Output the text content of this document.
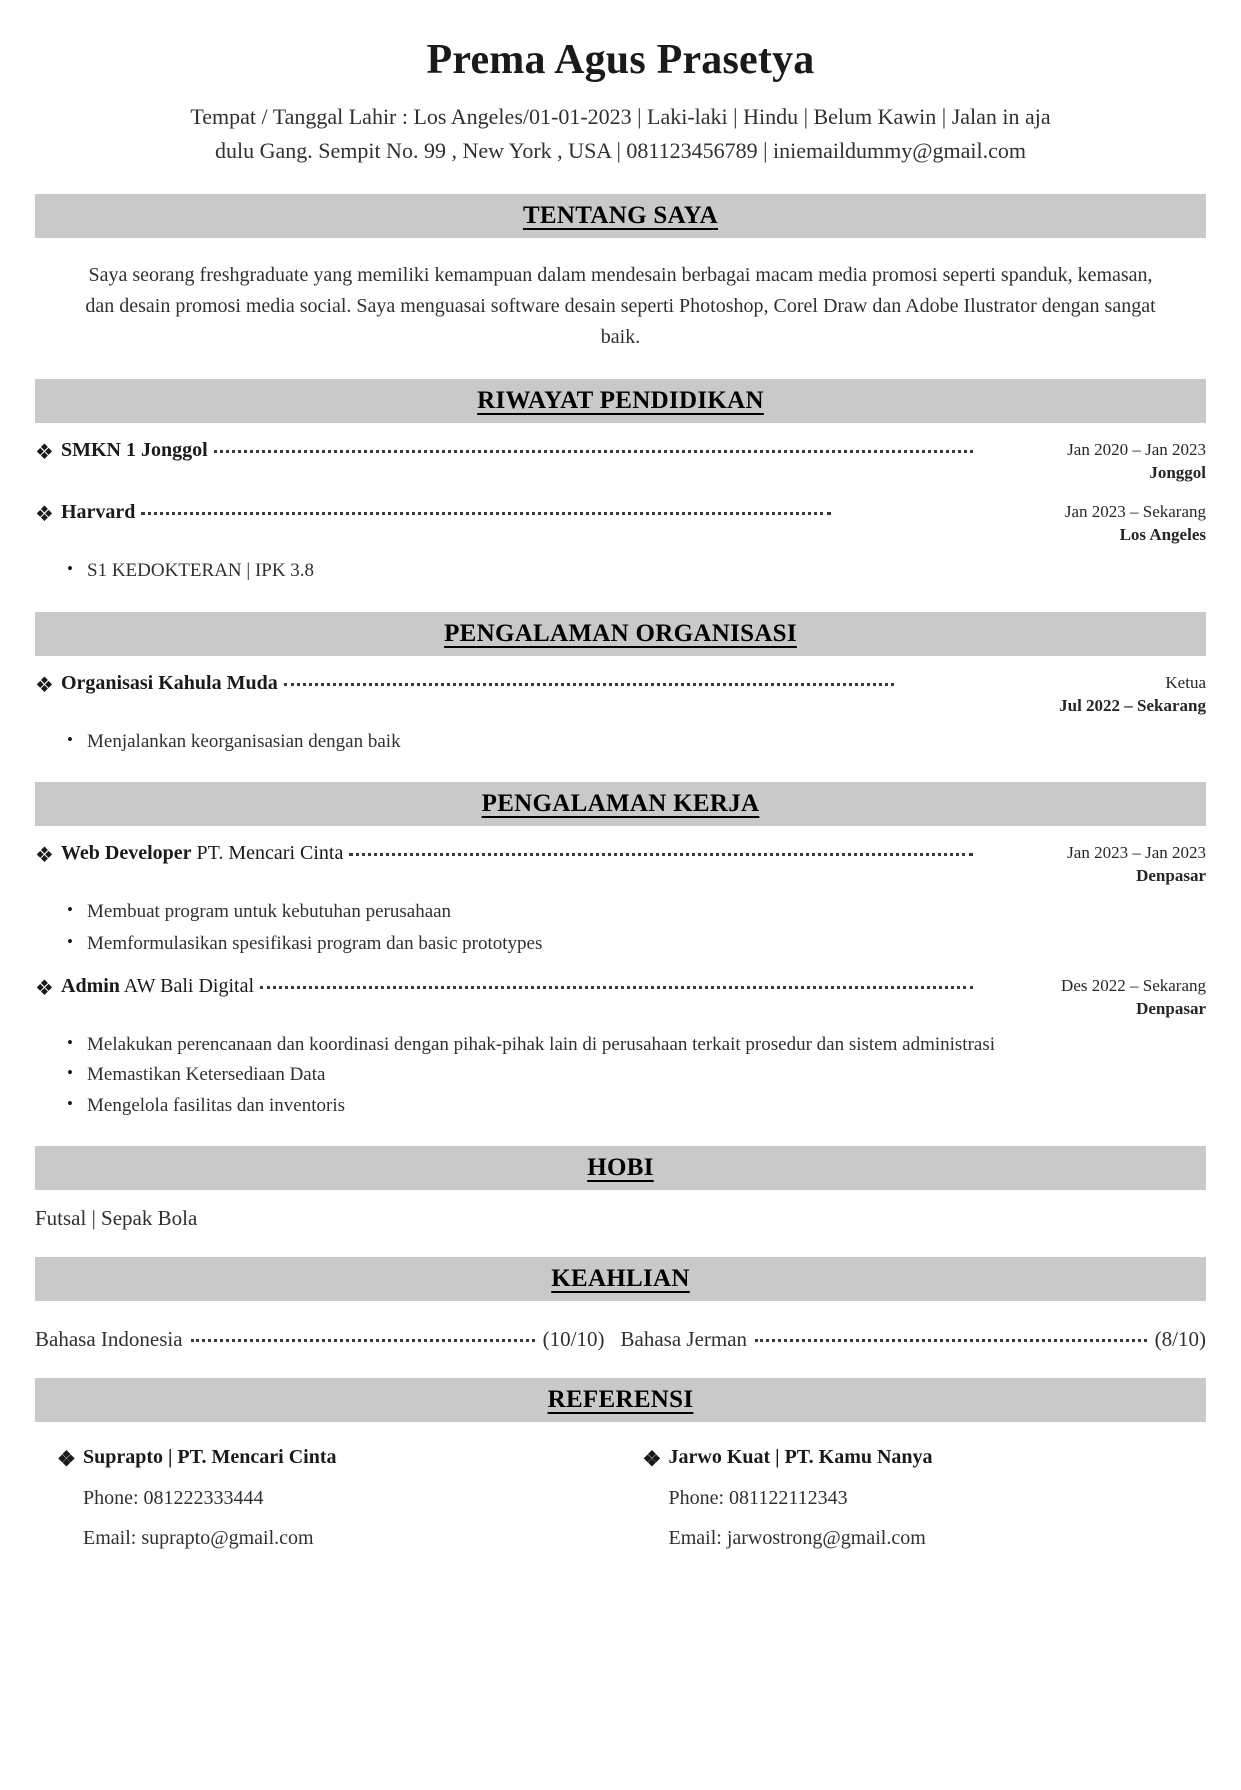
Prema Agus Prasetya
Tempat / Tanggal Lahir : Los Angeles/01-01-2023 | Laki-laki | Hindu | Belum Kawin | Jalan in aja
dulu Gang. Sempit No. 99 , New York , USA | 081123456789 | iniemaildummy@gmail.com
TENTANG SAYA
Saya seorang freshgraduate yang memiliki kemampuan dalam mendesain berbagai macam media promosi seperti spanduk, kemasan, dan desain promosi media social. Saya menguasai software desain seperti Photoshop, Corel Draw dan Adobe Ilustrator dengan sangat baik.
RIWAYAT PENDIDIKAN
❖ SMKN 1 Jonggol	Jan 2020 – Jan 2023
Jonggol
❖ Harvard	Jan 2023 – Sekarang
Los Angeles
• S1 KEDOKTERAN | IPK 3.8
PENGALAMAN ORGANISASI
❖ Organisasi Kahula Muda	Ketua
Jul 2022 – Sekarang
• Menjalankan keorganisasian dengan baik
PENGALAMAN KERJA
❖ Web Developer PT. Mencari Cinta	Jan 2023 – Jan 2023
Denpasar
• Membuat program untuk kebutuhan perusahaan
• Memformulasikan spesifikasi program dan basic prototypes
❖ Admin AW Bali Digital	Des 2022 – Sekarang
Denpasar
• Melakukan perencanaan dan koordinasi dengan pihak-pihak lain di perusahaan terkait prosedur dan sistem administrasi
• Memastikan Ketersediaan Data
• Mengelola fasilitas dan inventoris
HOBI
Futsal | Sepak Bola
KEAHLIAN
Bahasa Indonesia	(10/10) Bahasa Jerman	(8/10)
REFERENSI
❖ Suprapto | PT. Mencari Cinta
Phone: 081222333444
Email: suprapto@gmail.com
❖ Jarwo Kuat | PT. Kamu Nanya
Phone: 081122112343
Email: jarwostrong@gmail.com
